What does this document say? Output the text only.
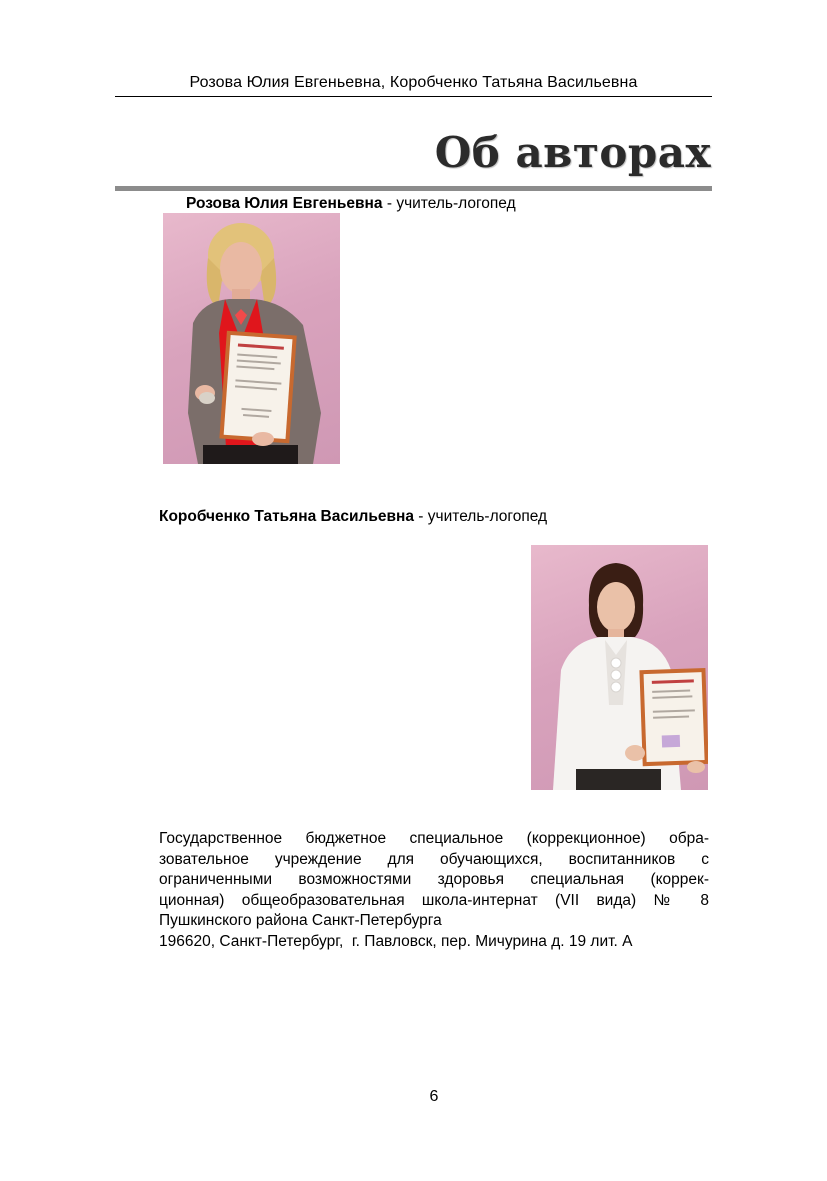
Розова Юлия Евгеньевна, Коробченко Татьяна Васильевна
Об авторах
Розова Юлия Евгеньевна - учитель-логопед
Коробченко Татьяна Васильевна - учитель-логопед
Государственное бюджетное специальное (коррекционное) обра-
зовательное учреждение для обучающихся, воспитанников с
ограниченными возможностями здоровья специальная (коррек-
ционная) общеобразовательная школа-интернат (VII вида) № 8
Пушкинского района Санкт-Петербурга
196620, Санкт-Петербург,  г. Павловск, пер. Мичурина д. 19 лит. А
6
